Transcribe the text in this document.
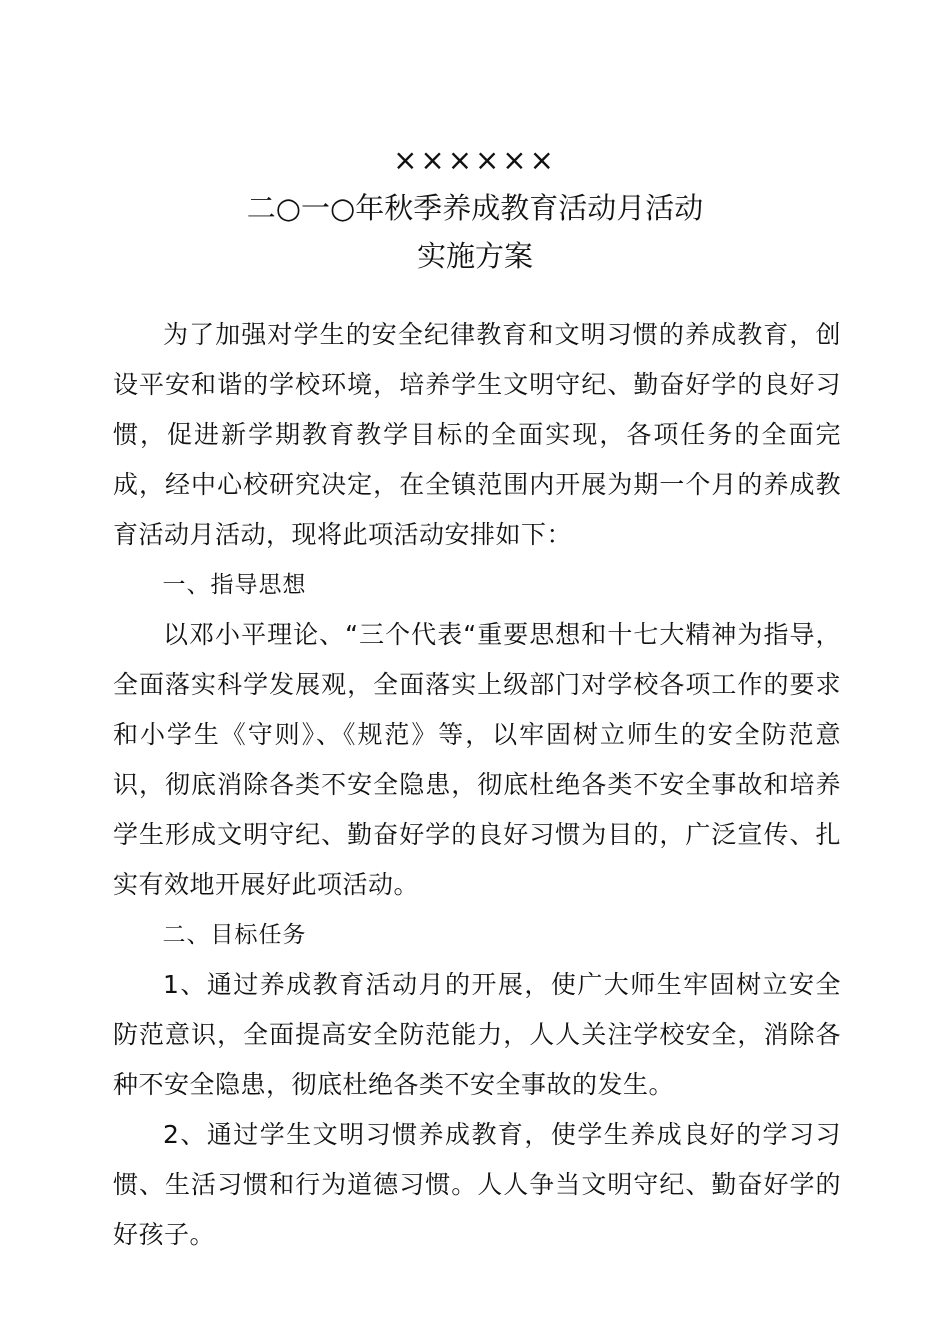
××××××
二○一○年秋季养成教育活动月活动
实施方案

为了加强对学生的安全纪律教育和文明习惯的养成教育，创设平安和谐的学校环境，培养学生文明守纪、勤奋好学的良好习惯，促进新学期教育教学目标的全面实现，各项任务的全面完成，经中心校研究决定，在全镇范围内开展为期一个月的养成教育活动月活动，现将此项活动安排如下：

一、指导思想

以邓小平理论、“三个代表“重要思想和十七大精神为指导，全面落实科学发展观，全面落实上级部门对学校各项工作的要求和小学生《守则》、《规范》等，以牢固树立师生的安全防范意识，彻底消除各类不安全隐患，彻底杜绝各类不安全事故和培养学生形成文明守纪、勤奋好学的良好习惯为目的，广泛宣传、扎实有效地开展好此项活动。

二、目标任务

1、通过养成教育活动月的开展，使广大师生牢固树立安全防范意识，全面提高安全防范能力，人人关注学校安全，消除各种不安全隐患，彻底杜绝各类不安全事故的发生。

2、通过学生文明习惯养成教育，使学生养成良好的学习习惯、生活习惯和行为道德习惯。人人争当文明守纪、勤奋好学的好孩子。
